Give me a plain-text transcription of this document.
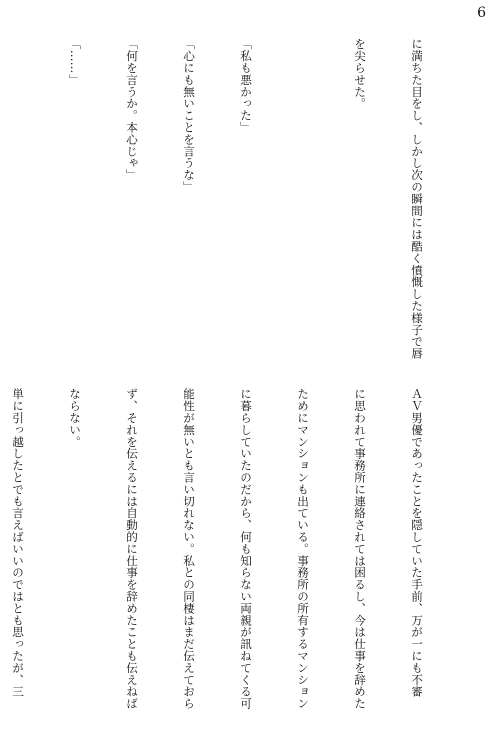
6

に満ちた目をし、しかし次の瞬間には酷く憤慨した様子で唇

を尖らせた。

「私も悪かった」

「心にも無いことを言うな」

「何を言うか。本心じゃ」

「……」

ＡＶ男優であったことを隠していた手前、万が一にも不審

に思われて事務所に連絡されては困るし、今は仕事を辞めた

ためにマンションも出ている。事務所の所有するマンション

に暮らしていたのだから、何も知らない両親が訊ねてくる可

能性が無いとも言い切れない。私との同棲はまだ伝えておら

ず、それを伝えるには自動的に仕事を辞めたことも伝えねば

ならない。

単に引っ越したとでも言えばいいのではとも思ったが、三
